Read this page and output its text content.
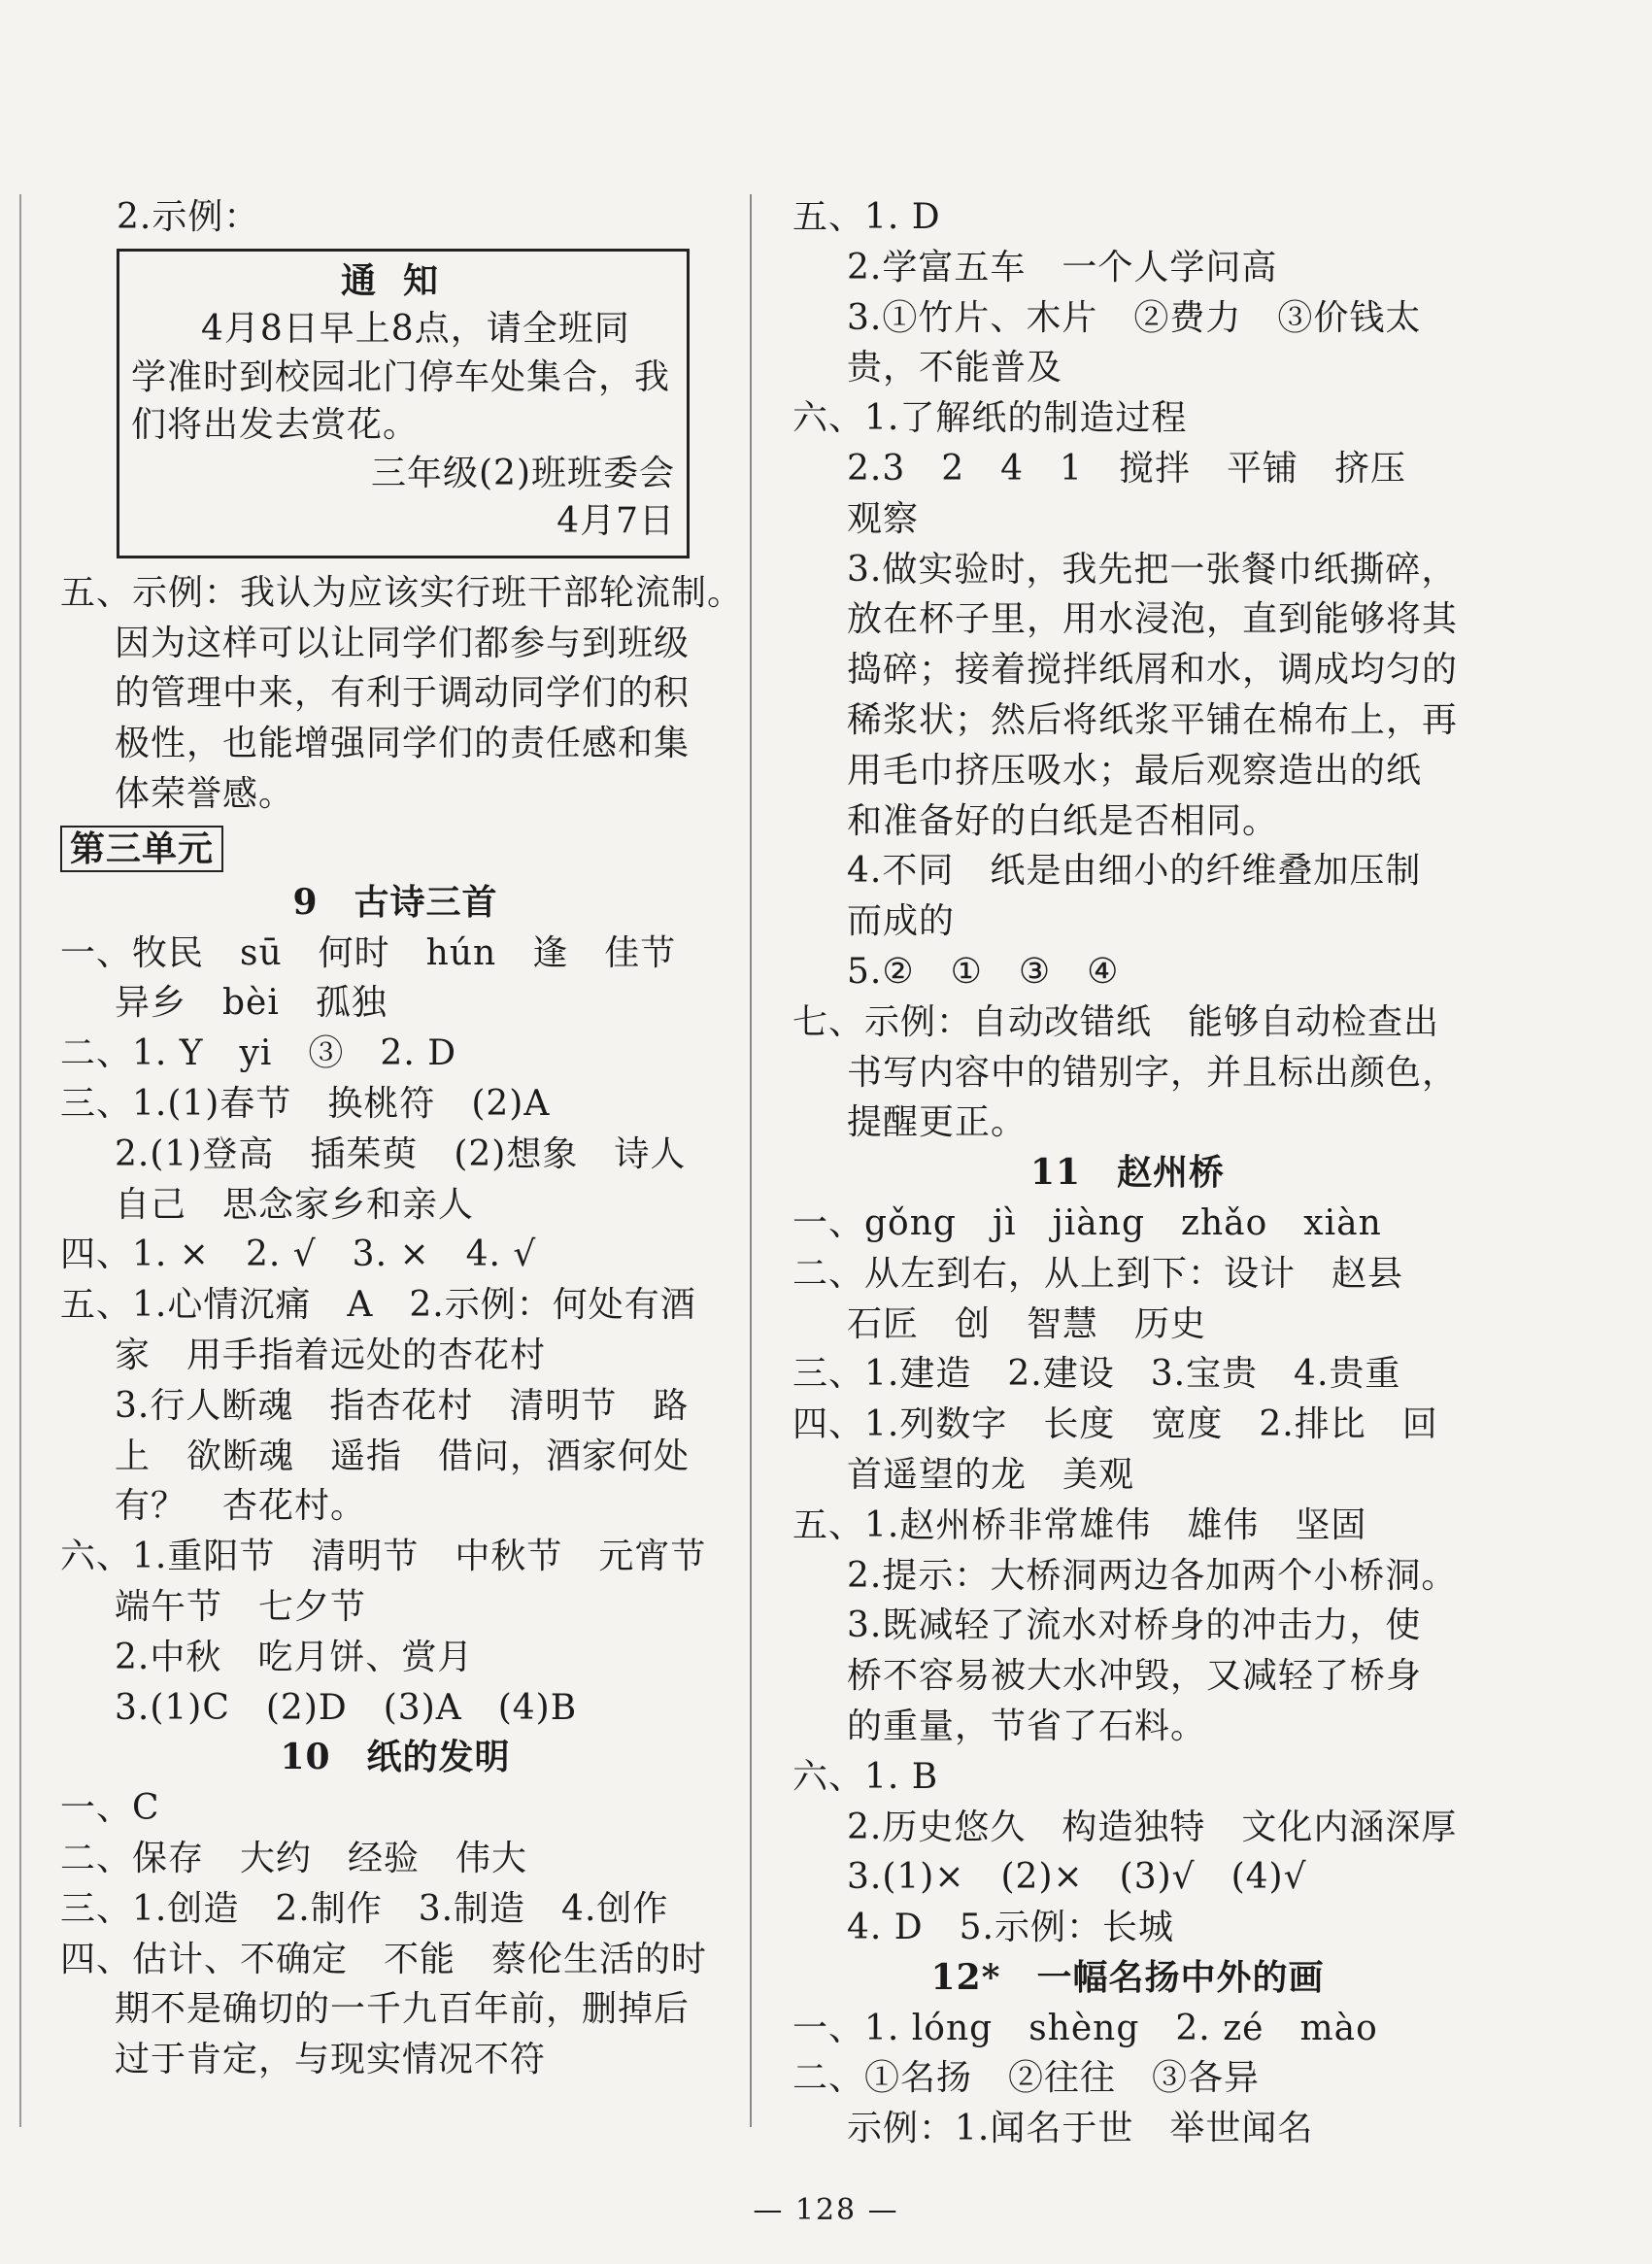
2.示例：
通知
4月8日早上8点，请全班同
学准时到校园北门停车处集合，我
们将出发去赏花。
三年级(2)班班委会
4月7日
五、示例：我认为应该实行班干部轮流制。
因为这样可以让同学们都参与到班级
的管理中来，有利于调动同学们的积
极性，也能增强同学们的责任感和集
体荣誉感。
第三单元
9　古诗三首
一、牧民　sū　何时　hún　逢　佳节
异乡　bèi　孤独
二、1. Y　yi　③　2. D
三、1.(1)春节　换桃符　(2)A
2.(1)登高　插茱萸　(2)想象　诗人
自己　思念家乡和亲人
四、1. ×　2. √　3. ×　4. √
五、1.心情沉痛　A　2.示例：何处有酒
家　用手指着远处的杏花村
3.行人断魂　指杏花村　清明节　路
上　欲断魂　遥指　借问，酒家何处
有？　杏花村。
六、1.重阳节　清明节　中秋节　元宵节
端午节　七夕节
2.中秋　吃月饼、赏月
3.(1)C　(2)D　(3)A　(4)B
10　纸的发明
一、C
二、保存　大约　经验　伟大
三、1.创造　2.制作　3.制造　4.创作
四、估计、不确定　不能　蔡伦生活的时
期不是确切的一千九百年前，删掉后
过于肯定，与现实情况不符
五、1. D
2.学富五车　一个人学问高
3.①竹片、木片　②费力　③价钱太
贵，不能普及
六、1.了解纸的制造过程
2.3　2　4　1　搅拌　平铺　挤压
观察
3.做实验时，我先把一张餐巾纸撕碎，
放在杯子里，用水浸泡，直到能够将其
捣碎；接着搅拌纸屑和水，调成均匀的
稀浆状；然后将纸浆平铺在棉布上，再
用毛巾挤压吸水；最后观察造出的纸
和准备好的白纸是否相同。
4.不同　纸是由细小的纤维叠加压制
而成的
5.②　①　③　④
七、示例：自动改错纸　能够自动检查出
书写内容中的错别字，并且标出颜色，
提醒更正。
11　赵州桥
一、gǒng　jì　jiàng　zhǎo　xiàn
二、从左到右，从上到下：设计　赵县
石匠　创　智慧　历史
三、1.建造　2.建设　3.宝贵　4.贵重
四、1.列数字　长度　宽度　2.排比　回
首遥望的龙　美观
五、1.赵州桥非常雄伟　雄伟　坚固
2.提示：大桥洞两边各加两个小桥洞。
3.既减轻了流水对桥身的冲击力，使
桥不容易被大水冲毁，又减轻了桥身
的重量，节省了石料。
六、1. B
2.历史悠久　构造独特　文化内涵深厚
3.(1)×　(2)×　(3)√　(4)√
4. D　5.示例：长城
12*　一幅名扬中外的画
一、1. lóng　shèng　2. zé　mào
二、①名扬　②往往　③各异
示例：1.闻名于世　举世闻名
— 128 —
